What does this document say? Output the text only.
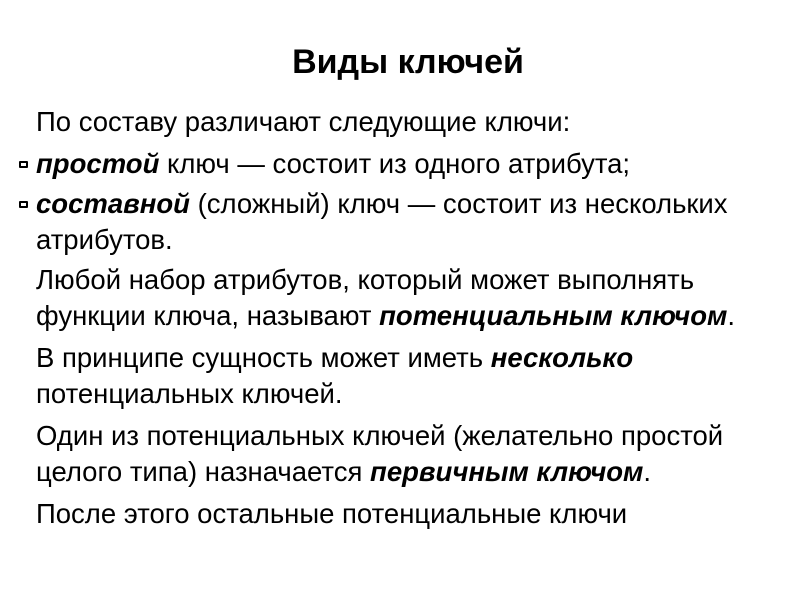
Виды ключей

По составу различают следующие ключи:

простой ключ — состоит из одного атрибута;

составной (сложный) ключ — состоит из нескольких атрибутов.

Любой набор атрибутов, который может выполнять функции ключа, называют потенциальным ключом.

В принципе сущность может иметь несколько потенциальных ключей.

Один из потенциальных ключей (желательно простой целого типа) назначается первичным ключом.

После этого остальные потенциальные ключи
